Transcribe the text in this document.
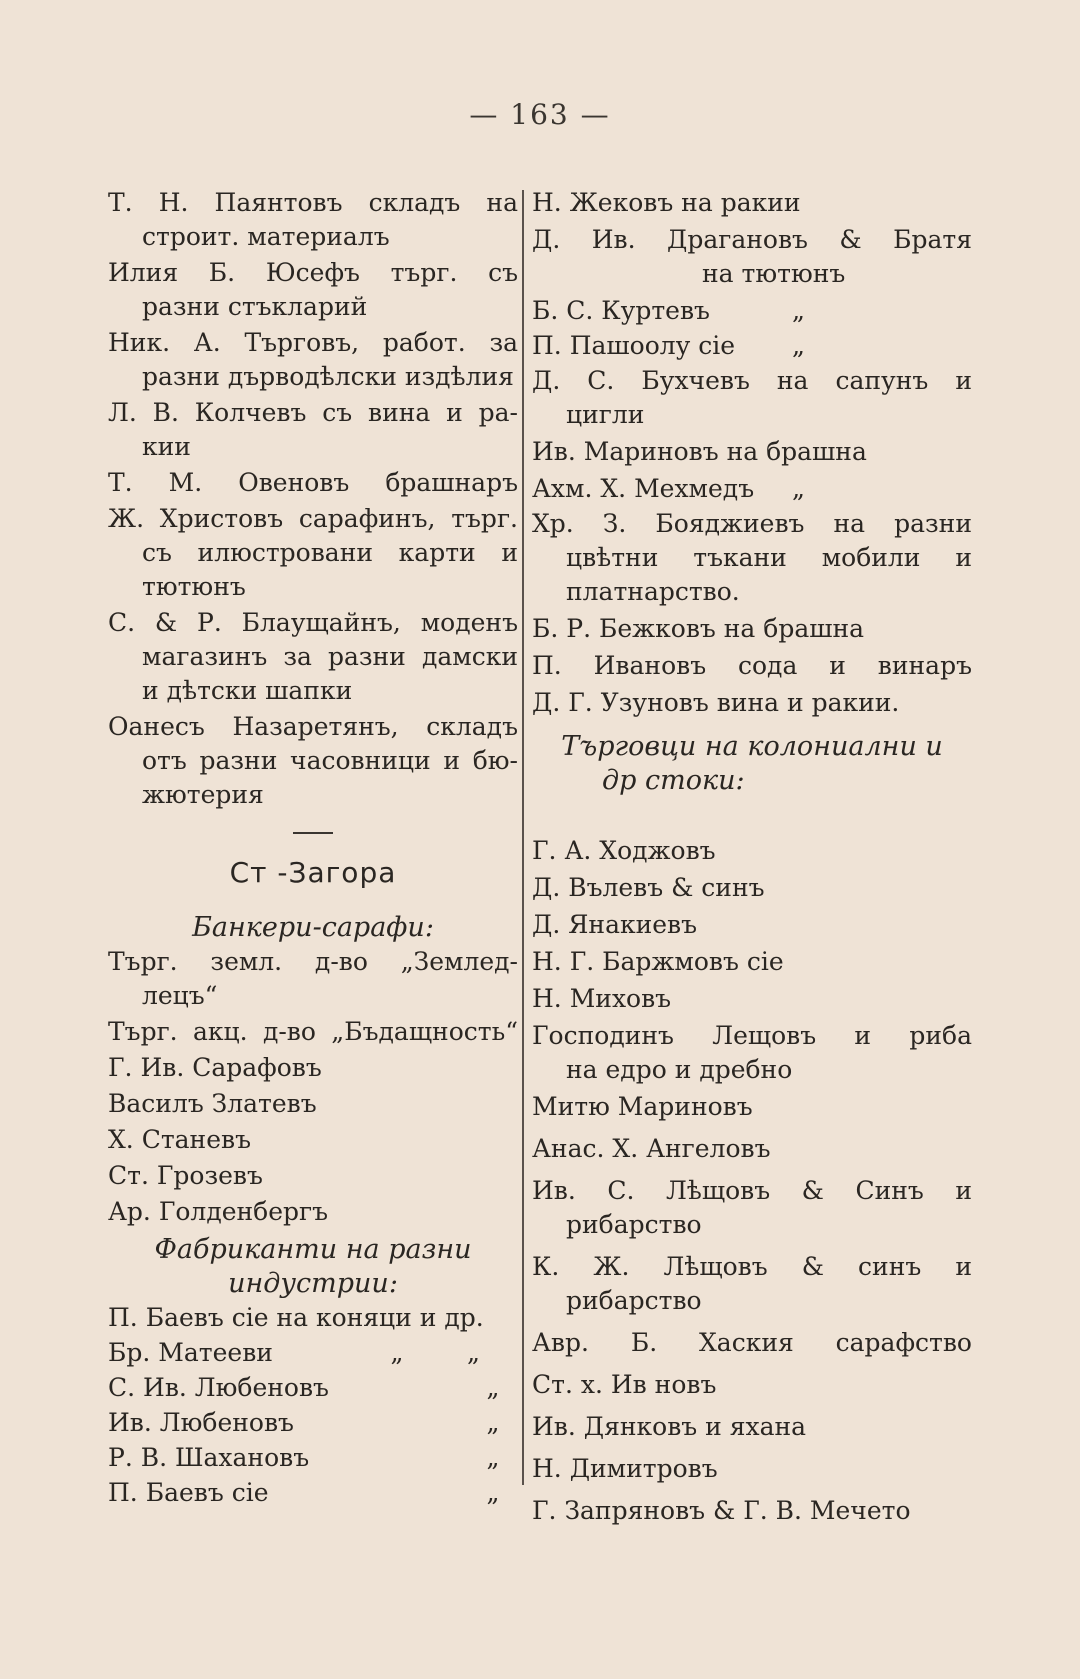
— 163 —
Т. Н. Паянтовъ складъ на
строит. материалъ
Илия Б. Юсефъ търг. съ
разни стъкларий
Ник. А. Търговъ, работ. за
разни дърводѣлски издѣлия
Л. В. Колчевъ съ вина и ра-
кии
Т. М. Овеновъ брашнаръ
Ж. Христовъ сарафинъ, търг.
съ илюстровани карти и
тютюнъ
С. & Р. Блаущайнъ, моденъ
магазинъ за разни дамски
и дѣтски шапки
Оанесъ Назаретянъ, складъ
отъ разни часовници и бю-
жютерия
Ст -Загора
Банкери-сарафи:
Търг. земл. д-во „Землед-
лецъ“
Търг. акц. д-во „Бъдащность“
Г. Ив. Сарафовъ
Василъ Златевъ
Х. Станевъ
Ст. Грозевъ
Ар. Голденбергъ
Фабриканти на разни
индустрии:
П. Баевъ сiе на коняци и др.
Бр. Матееви	„        „
С. Ив. Любеновъ	„
Ив. Любеновъ	„
Р. В. Шахановъ	„
П. Баевъ сiе	„
Н. Жековъ на ракии
Д. Ив. Драгановъ & Братя
на тютюнъ
Б. С. Куртевъ	„
П. Пашоолу сiе	„
Д. С. Бухчевъ на сапунъ и
цигли
Ив. Мариновъ на брашна
Ахм. Х. Мехмедъ	„
Хр. З. Бояджиевъ на разни
цвѣтни тъкани мобили и
платнарство.
Б. Р. Бежковъ на брашна
П. Ивановъ сода и винаръ
Д. Г. Узуновъ вина и ракии.
Търговци на колониални и
др стоки:
Г. А. Ходжовъ
Д. Вълевъ & синъ
Д. Янакиевъ
Н. Г. Баржмовъ сiе
Н. Миховъ
Господинъ Лещовъ и риба
на едро и дребно
Митю Мариновъ
Анас. Х. Ангеловъ
Ив. С. Лѣщовъ & Синъ и
рибарство
К. Ж. Лѣщовъ & синъ и
рибарство
Авр. Б. Хаския сарафство
Ст. х. Ив новъ
Ив. Дянковъ и яхана
Н. Димитровъ
Г. Запряновъ & Г. В. Мечето
